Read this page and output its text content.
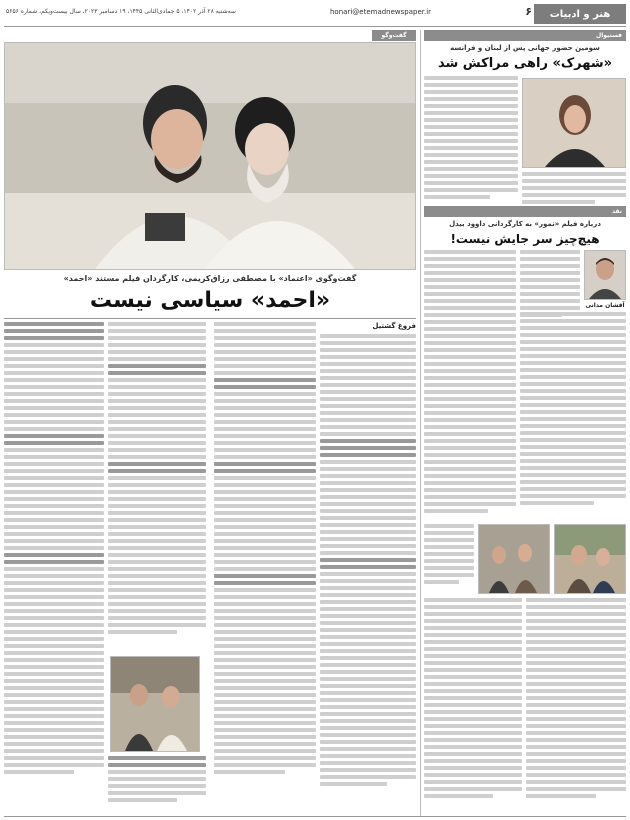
هنر و ادبیات
۶
honari@etemadnewspaper.ir
سه‌شنبه ۲۸ آذر ۱۴۰۲، ۵ جمادی‌الثانی ۱۴۴۵، ۱۹ دسامبر ۲۰۲۳، سال بیست‌ویکم، شماره ۵۶۵۶
فستیوال
سومین حضور جهانی پس از لبنان و فرانسه
«شهرک» راهی مراکش شد
نقد
درباره فیلم «تمور» به کارگردانی داوود بیدل
هیچ‌چیز سر جایش نیست!
آقشان مدانی
گفت‌وگو
گفت‌وگوی «اعتماد» با مصطفی رزاق‌کریمی، کارگردان فیلم مستند «احمد»
«احمد» سیاسی نیست
فروغ گشتیل
